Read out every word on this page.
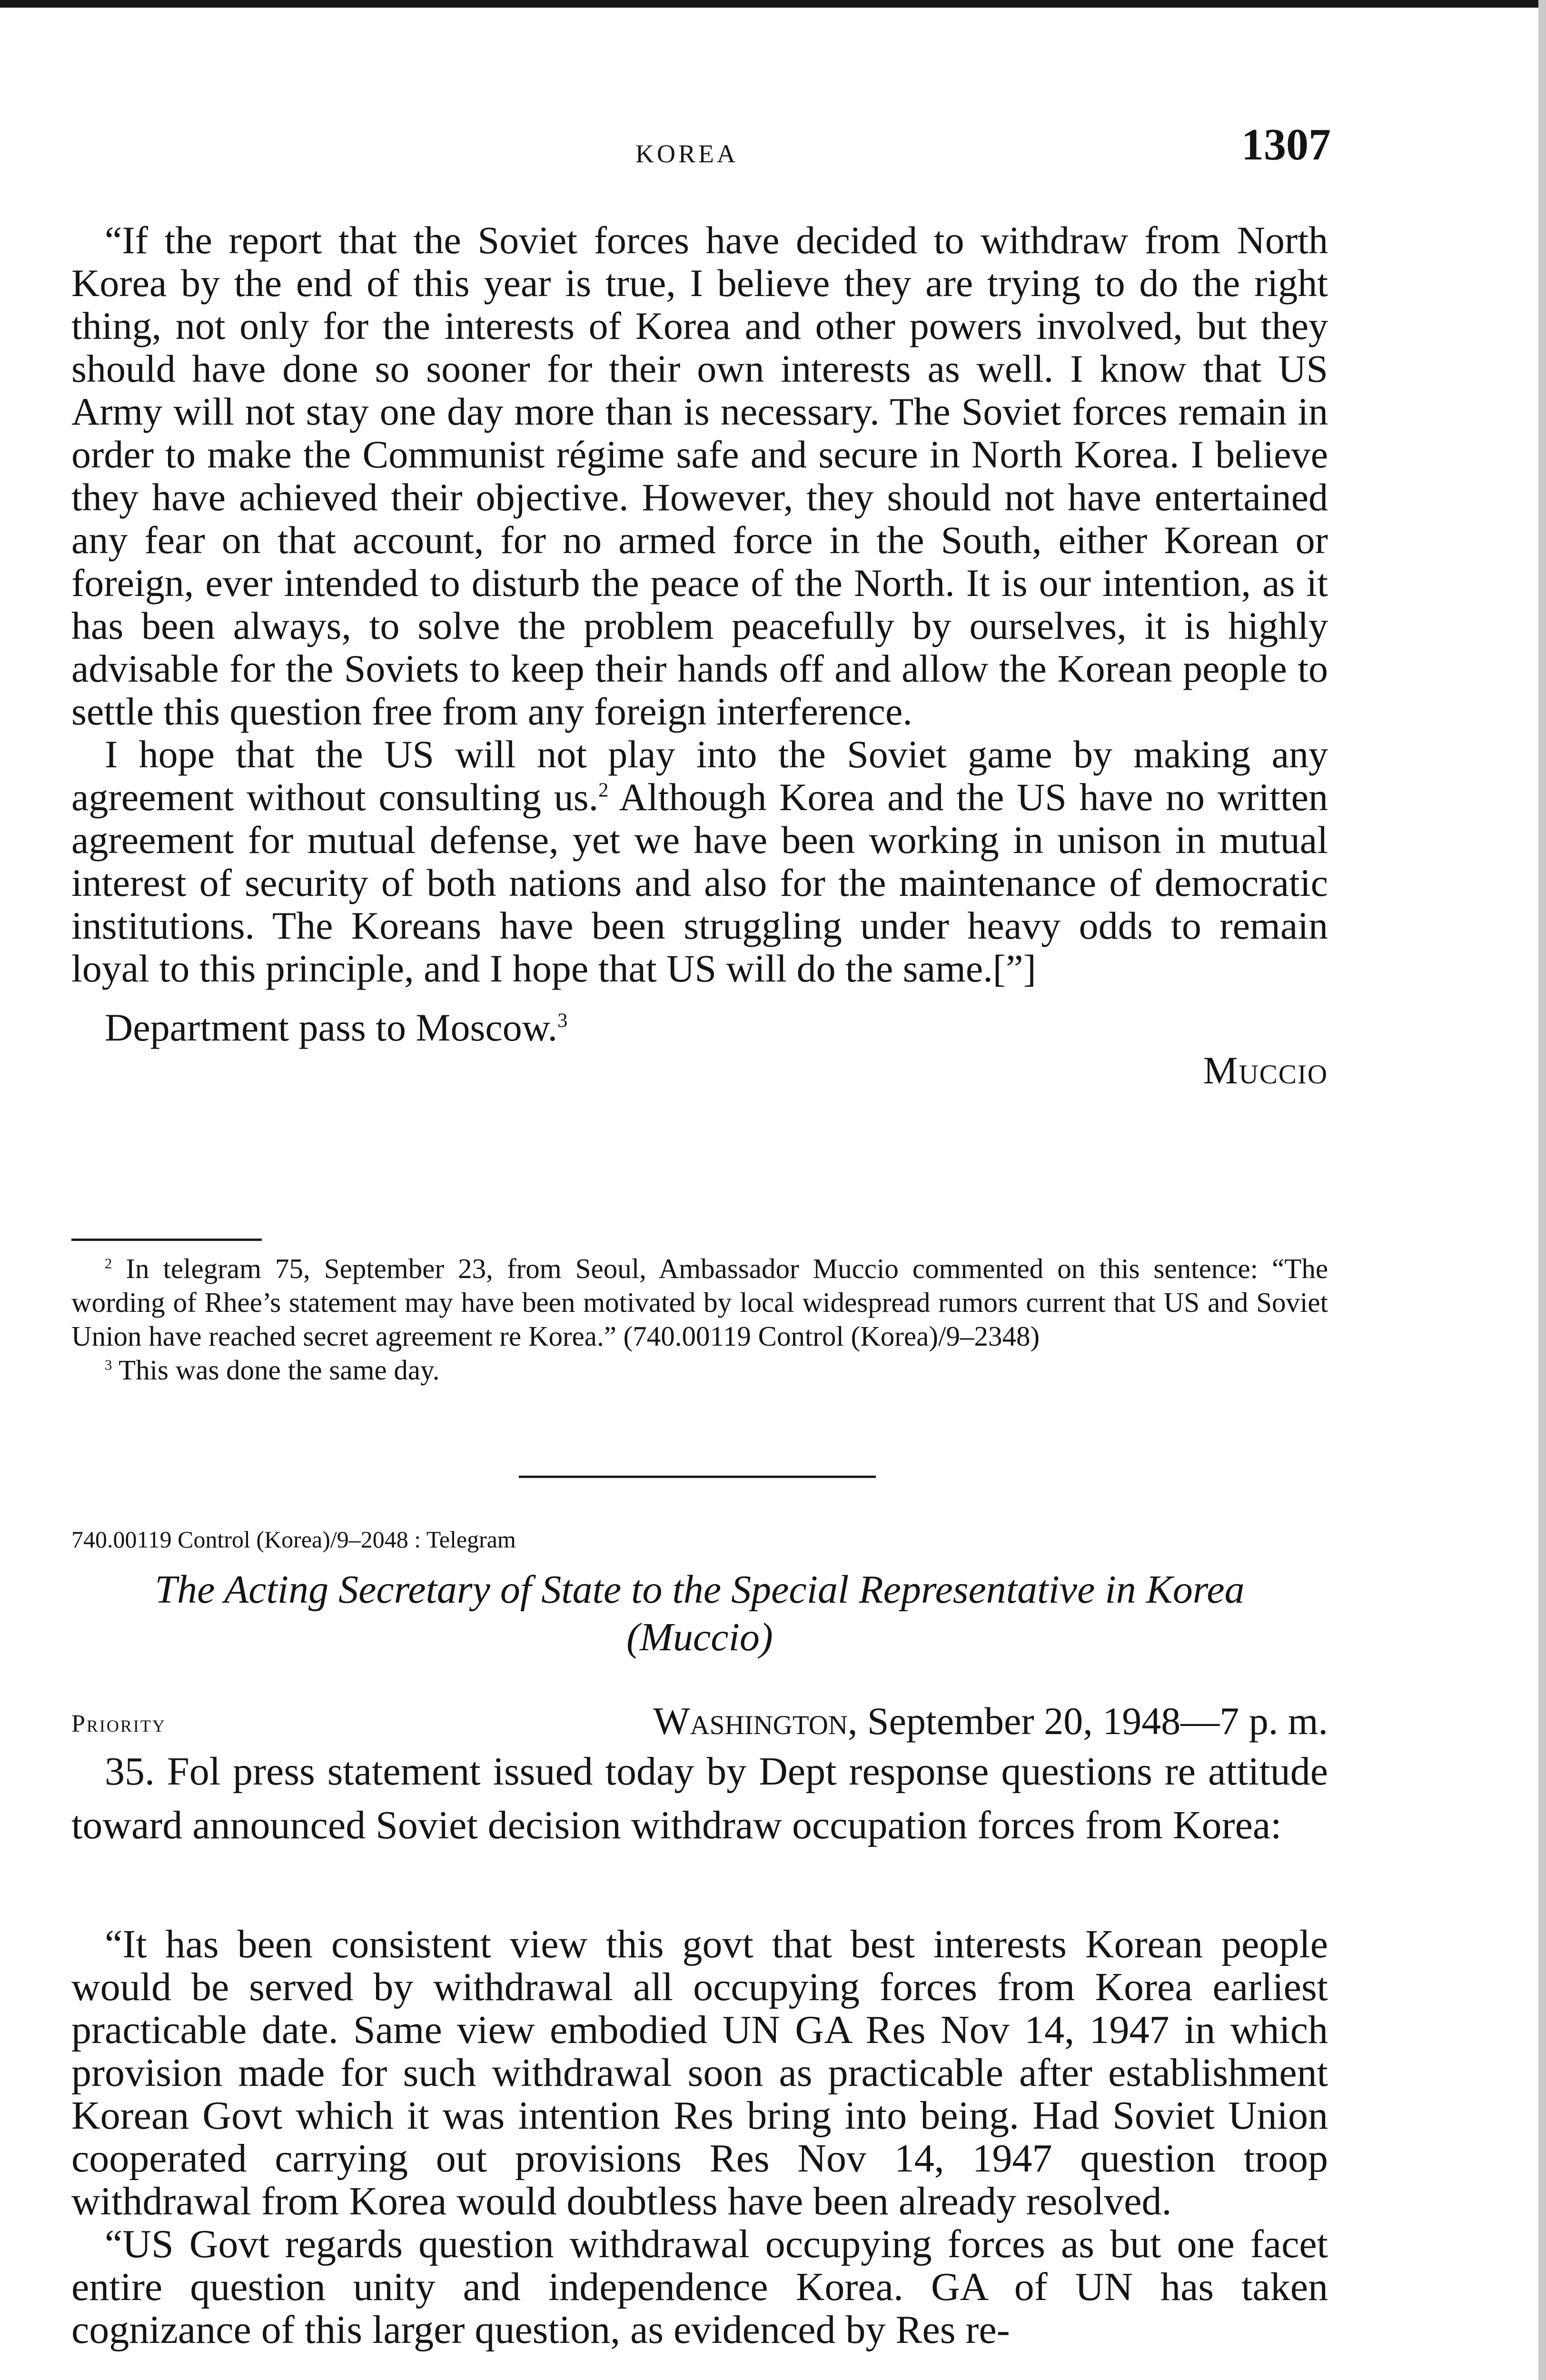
KOREA	1307

“If the report that the Soviet forces have decided to withdraw from North Korea by the end of this year is true, I believe they are trying to do the right thing, not only for the interests of Korea and other powers involved, but they should have done so sooner for their own interests as well. I know that US Army will not stay one day more than is necessary. The Soviet forces remain in order to make the Communist régime safe and secure in North Korea. I believe they have achieved their objective. However, they should not have entertained any fear on that account, for no armed force in the South, either Korean or foreign, ever intended to disturb the peace of the North. It is our intention, as it has been always, to solve the problem peacefully by ourselves, it is highly advisable for the Soviets to keep their hands off and allow the Korean people to settle this question free from any foreign interference.

I hope that the US will not play into the Soviet game by making any agreement without consulting us.$^2$ Although Korea and the US have no written agreement for mutual defense, yet we have been working in unison in mutual interest of security of both nations and also for the maintenance of democratic institutions. The Koreans have been struggling under heavy odds to remain loyal to this principle, and I hope that US will do the same.[”]

Department pass to Moscow.$^3$

Muccio

$^2$ In telegram 75, September 23, from Seoul, Ambassador Muccio commented on this sentence: “The wording of Rhee’s statement may have been motivated by local widespread rumors current that US and Soviet Union have reached secret agreement re Korea.” (740.00119 Control (Korea)/9–2348)

$^3$ This was done the same day.

740.00119 Control (Korea)/9–2048 : Telegram
The Acting Secretary of State to the Special Representative in Korea
(Muccio)
Priority	Washington, September 20, 1948—7 p. m.

35. Fol press statement issued today by Dept response questions re attitude toward announced Soviet decision withdraw occupation forces from Korea:

“It has been consistent view this govt that best interests Korean people would be served by withdrawal all occupying forces from Korea earliest practicable date. Same view embodied UN GA Res Nov 14, 1947 in which provision made for such withdrawal soon as practicable after establishment Korean Govt which it was intention Res bring into being. Had Soviet Union cooperated carrying out provisions Res Nov 14, 1947 question troop withdrawal from Korea would doubtless have been already resolved.

“US Govt regards question withdrawal occupying forces as but one facet entire question unity and independence Korea. GA of UN has taken cognizance of this larger question, as evidenced by Res re-
